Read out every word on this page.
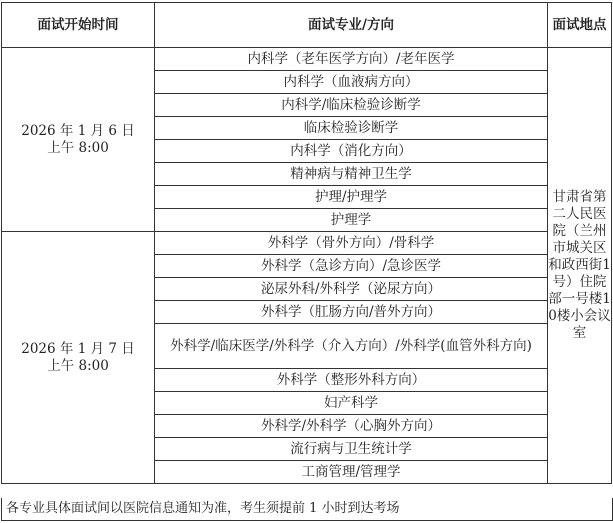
面试开始时间	面试专业/方向	面试地点

2026 年 1 月 6 日
上午 8:00	内科学（老年医学方向）/老年医学	甘肃省第二人民医院（兰州市城关区和政西街1号）住院部一号楼10楼小会议室
	内科学（血液病方向）	
	内科学/临床检验诊断学	
	临床检验诊断学	
	内科学（消化方向）	
	精神病与精神卫生学	
	护理/护理学	
	护理学	

2026 年 1 月 7 日
上午 8:00	外科学（骨外方向）/骨科学	
	外科学（急诊方向）/急诊医学	
	泌尿外科/外科学（泌尿方向）	
	外科学（肛肠方向/普外方向）	
	外科学/临床医学/外科学（介入方向）/外科学(血管外科方向)	
	外科学（整形外科方向）	
	妇产科学	
	外科学/外科学（心胸外方向）	
	流行病与卫生统计学	
	工商管理/管理学	
各专业具体面试间以医院信息通知为准，考生须提前 1 小时到达考场
